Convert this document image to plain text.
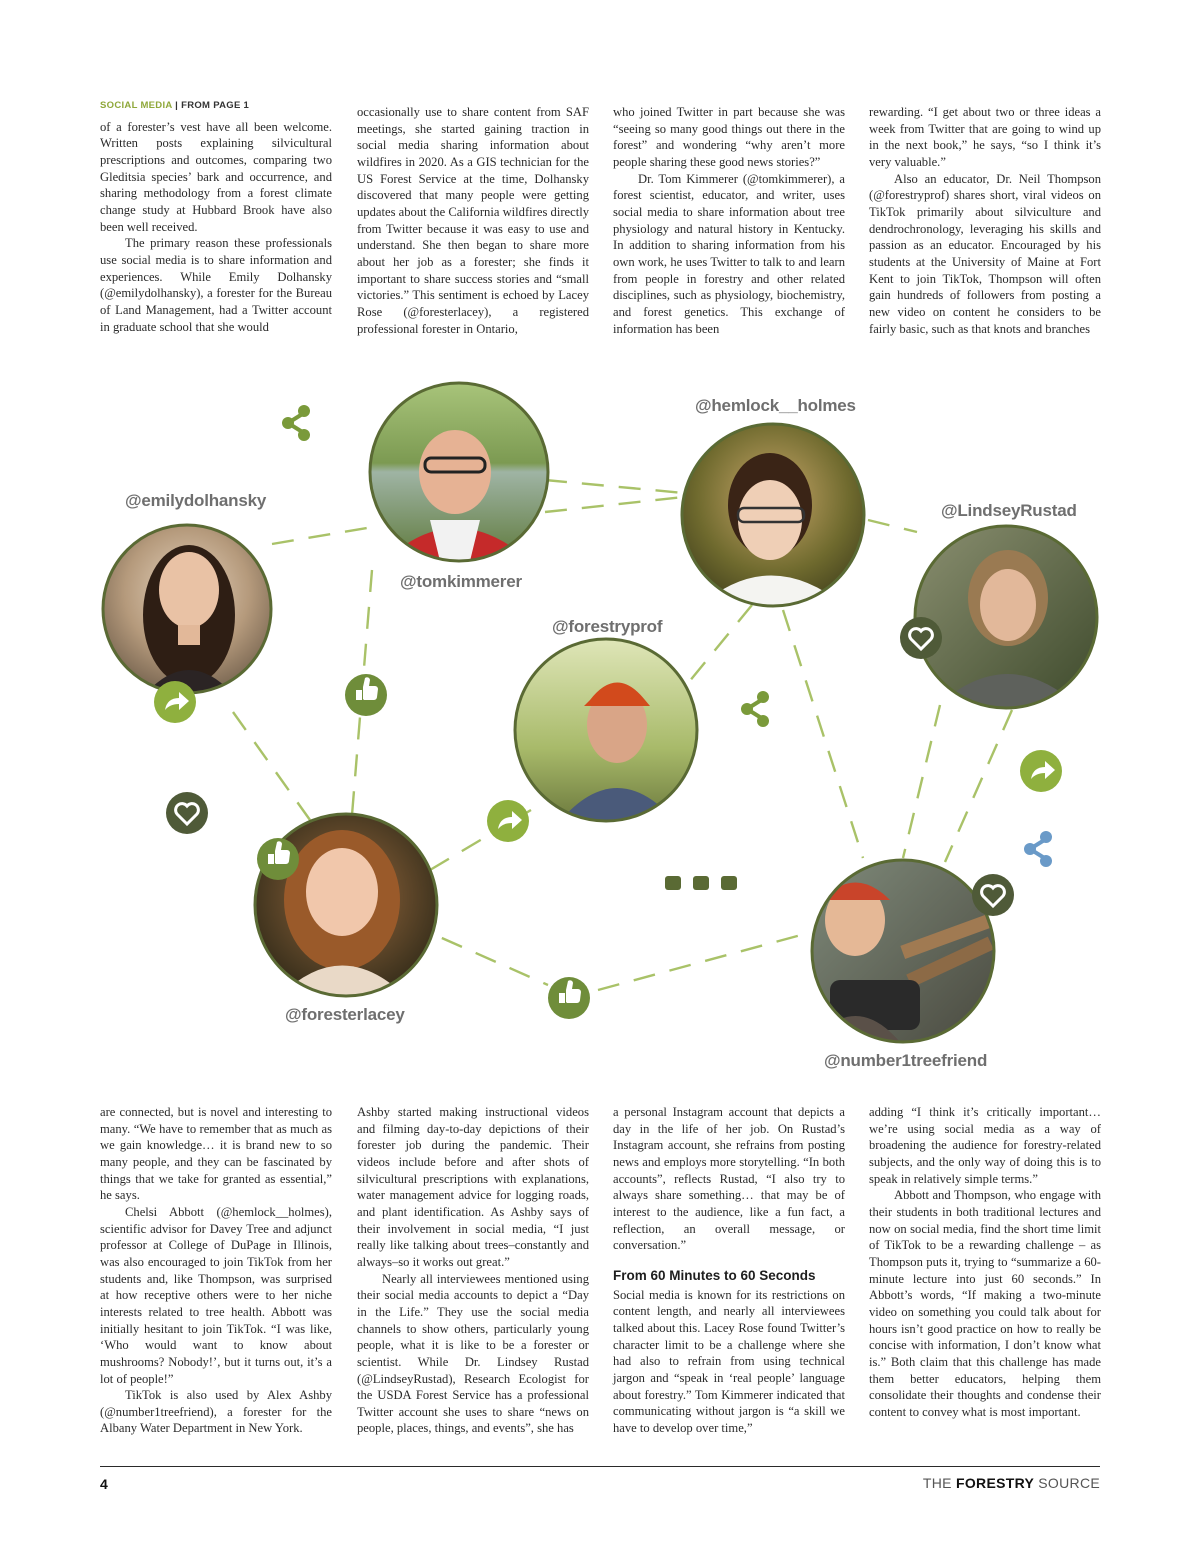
SOCIAL MEDIA | FROM PAGE 1

of a forester’s vest have all been welcome. Written posts explaining silvicultural prescriptions and outcomes, comparing two Gleditsia species’ bark and occurrence, and sharing methodology from a forest climate change study at Hubbard Brook have also been well received.

The primary reason these professionals use social media is to share information and experiences. While Emily Dolhansky (@emilydolhansky), a forester for the Bureau of Land Management, had a Twitter account in graduate school that she would

occasionally use to share content from SAF meetings, she started gaining traction in social media sharing information about wildfires in 2020. As a GIS technician for the US Forest Service at the time, Dolhansky discovered that many people were getting updates about the California wildfires directly from Twitter because it was easy to use and understand. She then began to share more about her job as a forester; she finds it important to share success stories and “small victories.” This sentiment is echoed by Lacey Rose (@foresterlacey), a registered professional forester in Ontario,

who joined Twitter in part because she was “seeing so many good things out there in the forest” and wondering “why aren’t more people sharing these good news stories?”

Dr. Tom Kimmerer (@tomkimmerer), a forest scientist, educator, and writer, uses social media to share information about tree physiology and natural history in Kentucky. In addition to sharing information from his own work, he uses Twitter to talk to and learn from people in forestry and other related disciplines, such as physiology, biochemistry, and forest genetics. This exchange of information has been

rewarding. “I get about two or three ideas a week from Twitter that are going to wind up in the next book,” he says, “so I think it’s very valuable.”

Also an educator, Dr. Neil Thompson (@forestryprof) shares short, viral videos on TikTok primarily about silviculture and dendrochronology, leveraging his skills and passion as an educator. Encouraged by his students at the University of Maine at Fort Kent to join TikTok, Thompson will often gain hundreds of followers from posting a new video on content he considers to be fairly basic, such as that knots and branches

@emilydolhansky
@tomkimmerer
@hemlock__holmes
@LindseyRustad
@forestryprof
@foresterlacey
@number1treefriend

are connected, but is novel and interesting to many. “We have to remember that as much as we gain knowledge… it is brand new to so many people, and they can be fascinated by things that we take for granted as essential,” he says.

Chelsi Abbott (@hemlock__holmes), scientific advisor for Davey Tree and adjunct professor at College of DuPage in Illinois, was also encouraged to join TikTok from her students and, like Thompson, was surprised at how receptive others were to her niche interests related to tree health. Abbott was initially hesitant to join TikTok. “I was like, ‘Who would want to know about mushrooms? Nobody!’, but it turns out, it’s a lot of people!”

TikTok is also used by Alex Ashby (@number1treefriend), a forester for the Albany Water Department in New York.

Ashby started making instructional videos and filming day-to-day depictions of their forester job during the pandemic. Their videos include before and after shots of silvicultural prescriptions with explanations, water management advice for logging roads, and plant identification. As Ashby says of their involvement in social media, “I just really like talking about trees–constantly and always–so it works out great.”

Nearly all interviewees mentioned using their social media accounts to depict a “Day in the Life.” They use the social media channels to show others, particularly young people, what it is like to be a forester or scientist. While Dr. Lindsey Rustad (@LindseyRustad), Research Ecologist for the USDA Forest Service has a professional Twitter account she uses to share “news on people, places, things, and events”, she has

a personal Instagram account that depicts a day in the life of her job. On Rustad’s Instagram account, she refrains from posting news and employs more storytelling. “In both accounts”, reflects Rustad, “I also try to always share something… that may be of interest to the audience, like a fun fact, a reflection, an overall message, or conversation.”

From 60 Minutes to 60 Seconds

Social media is known for its restrictions on content length, and nearly all interviewees talked about this. Lacey Rose found Twitter’s character limit to be a challenge where she had also to refrain from using technical jargon and “speak in ‘real people’ language about forestry.” Tom Kimmerer indicated that communicating without jargon is “a skill we have to develop over time,”

adding “I think it’s critically important… we’re using social media as a way of broadening the audience for forestry-related subjects, and the only way of doing this is to speak in relatively simple terms.”

Abbott and Thompson, who engage with their students in both traditional lectures and now on social media, find the short time limit of TikTok to be a rewarding challenge – as Thompson puts it, trying to “summarize a 60-minute lecture into just 60 seconds.” In Abbott’s words, “If making a two-minute video on something you could talk about for hours isn’t good practice on how to really be concise with information, I don’t know what is.” Both claim that this challenge has made them better educators, helping them consolidate their thoughts and condense their content to convey what is most important.

4	THE FORESTRY SOURCE
